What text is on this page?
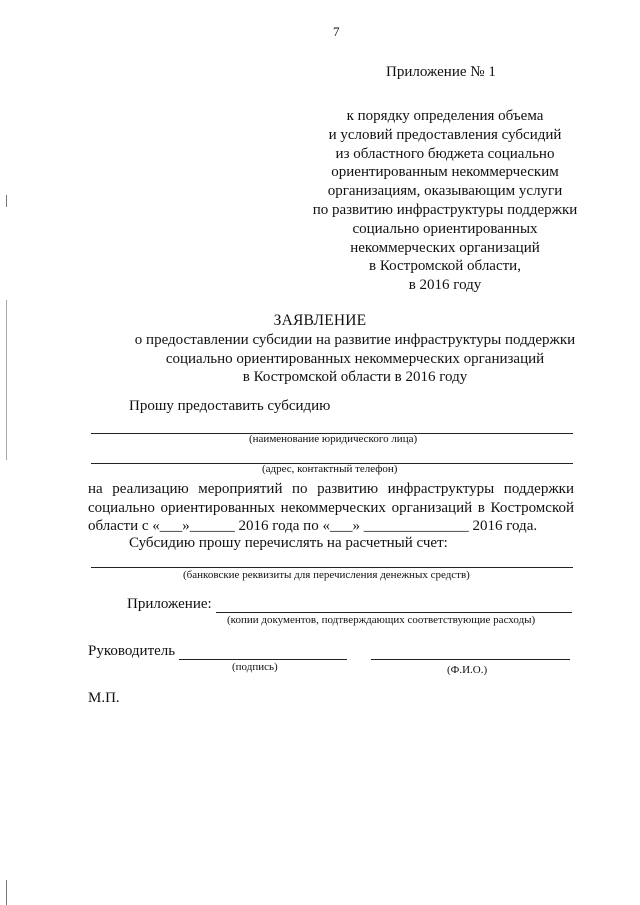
7
Приложение № 1
к порядку определения объема
и условий предоставления субсидий
из областного бюджета социально
ориентированным некоммерческим
организациям, оказывающим услуги
по развитию инфраструктуры поддержки
социально ориентированных
некоммерческих организаций
в Костромской области,
в 2016 году
ЗАЯВЛЕНИЕ
о предоставлении субсидии на развитие инфраструктуры поддержки
социально ориентированных некоммерческих организаций
в Костромской области в 2016 году
Прошу предоставить субсидию
(наименование юридического лица)
(адрес, контактный телефон)
на реализацию мероприятий по развитию инфраструктуры поддержки
социально ориентированных некоммерческих организаций в Костромской
области с «___»______ 2016 года по «___» ______________ 2016 года.
Субсидию прошу перечислять на расчетный счет:
(банковские реквизиты для перечисления денежных средств)
Приложение:
(копии документов, подтверждающих соответствующие расходы)
Руководитель
(подпись)	(Ф.И.О.)
М.П.
